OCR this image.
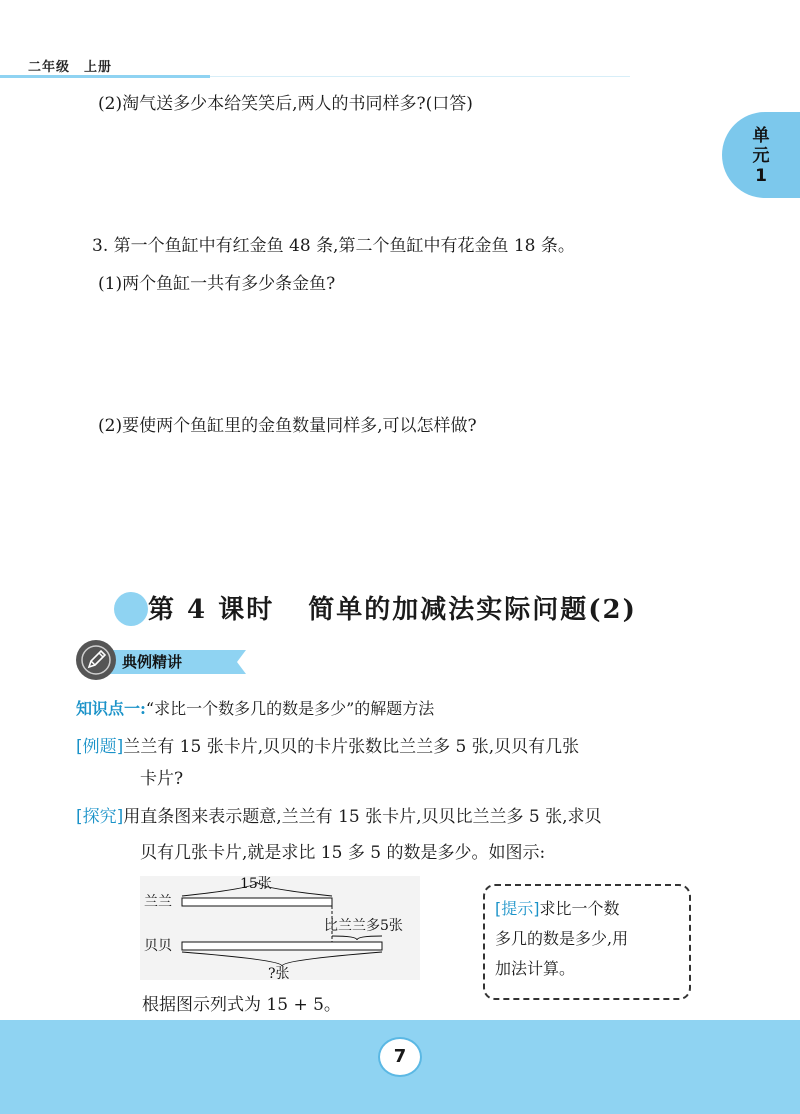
二年级　上册
单
元
1
(2)淘气送多少本给笑笑后,两人的书同样多?(口答)
3. 第一个鱼缸中有红金鱼 48 条,第二个鱼缸中有花金鱼 18 条。
(1)两个鱼缸一共有多少条金鱼?
(2)要使两个鱼缸里的金鱼数量同样多,可以怎样做?
第 4 课时 简单的加减法实际问题(2)
典例精讲
知识点一:“求比一个数多几的数是多少”的解题方法
[例题]兰兰有 15 张卡片,贝贝的卡片张数比兰兰多 5 张,贝贝有几张
卡片?
[探究]用直条图来表示题意,兰兰有 15 张卡片,贝贝比兰兰多 5 张,求贝
贝有几张卡片,就是求比 15 多 5 的数是多少。如图示:
兰兰
15张
比兰兰多5张
贝贝
?张
根据图示列式为 15 + 5。
[提示]求比一个数
多几的数是多少,用
加法计算。
7
